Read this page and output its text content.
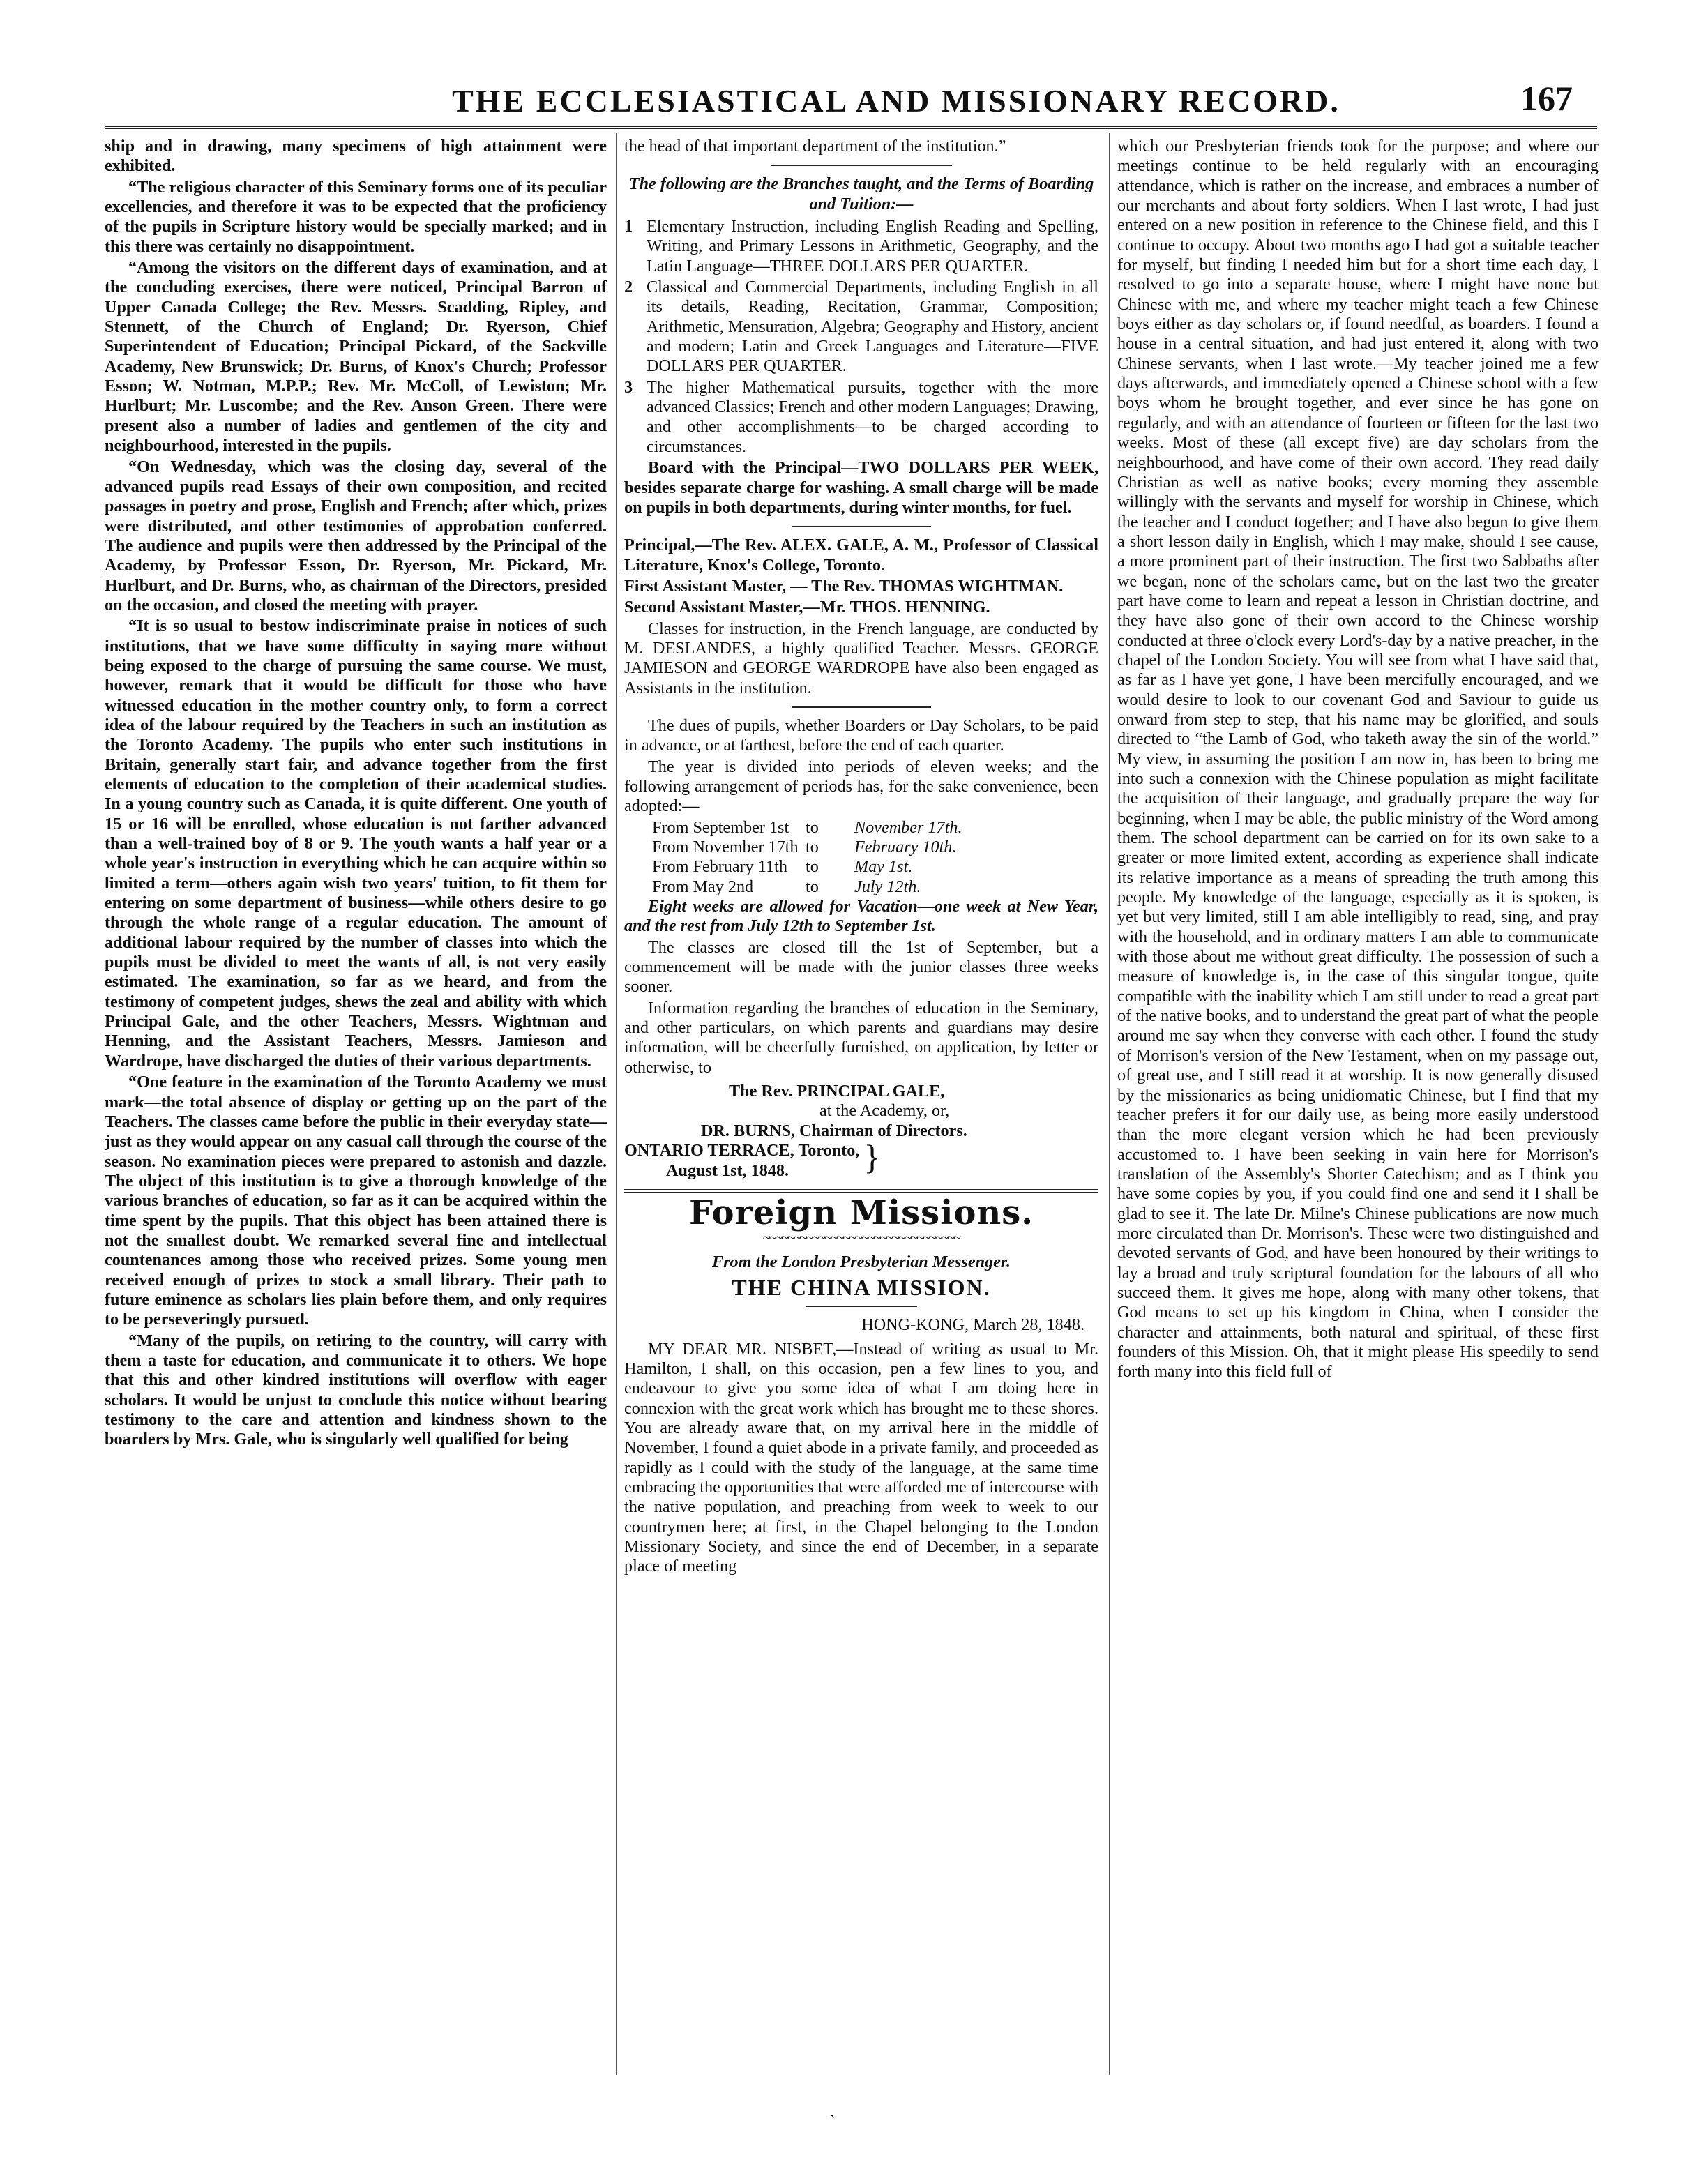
THE ECCLESIASTICAL AND MISSIONARY RECORD.	167

ship and in drawing, many specimens of high attainment were exhibited.

“The religious character of this Seminary forms one of its peculiar excellencies, and therefore it was to be expected that the proficiency of the pupils in Scripture history would be specially marked; and in this there was certainly no disappointment.

“Among the visitors on the different days of examination, and at the concluding exercises, there were noticed, Principal Barron of Upper Canada College; the Rev. Messrs. Scadding, Ripley, and Stennett, of the Church of England; Dr. Ryerson, Chief Superintendent of Education; Principal Pickard, of the Sackville Academy, New Brunswick; Dr. Burns, of Knox's Church; Professor Esson; W. Notman, M.P.P.; Rev. Mr. McColl, of Lewiston; Mr. Hurlburt; Mr. Luscombe; and the Rev. Anson Green. There were present also a number of ladies and gentlemen of the city and neighbourhood, interested in the pupils.

“On Wednesday, which was the closing day, several of the advanced pupils read Essays of their own composition, and recited passages in poetry and prose, English and French; after which, prizes were distributed, and other testimonies of approbation conferred. The audience and pupils were then addressed by the Principal of the Academy, by Professor Esson, Dr. Ryerson, Mr. Pickard, Mr. Hurlburt, and Dr. Burns, who, as chairman of the Directors, presided on the occasion, and closed the meeting with prayer.

“It is so usual to bestow indiscriminate praise in notices of such institutions, that we have some difficulty in saying more without being exposed to the charge of pursuing the same course. We must, however, remark that it would be difficult for those who have witnessed education in the mother country only, to form a correct idea of the labour required by the Teachers in such an institution as the Toronto Academy. The pupils who enter such institutions in Britain, generally start fair, and advance together from the first elements of education to the completion of their academical studies. In a young country such as Canada, it is quite different. One youth of 15 or 16 will be enrolled, whose education is not farther advanced than a well-trained boy of 8 or 9. The youth wants a half year or a whole year's instruction in everything which he can acquire within so limited a term—others again wish two years' tuition, to fit them for entering on some department of business—while others desire to go through the whole range of a regular education. The amount of additional labour required by the number of classes into which the pupils must be divided to meet the wants of all, is not very easily estimated. The examination, so far as we heard, and from the testimony of competent judges, shews the zeal and ability with which Principal Gale, and the other Teachers, Messrs. Wightman and Henning, and the Assistant Teachers, Messrs. Jamieson and Wardrope, have discharged the duties of their various departments.

“One feature in the examination of the Toronto Academy we must mark—the total absence of display or getting up on the part of the Teachers. The classes came before the public in their everyday state—just as they would appear on any casual call through the course of the season. No examination pieces were prepared to astonish and dazzle. The object of this institution is to give a thorough knowledge of the various branches of education, so far as it can be acquired within the time spent by the pupils. That this object has been attained there is not the smallest doubt. We remarked several fine and intellectual countenances among those who received prizes. Some young men received enough of prizes to stock a small library. Their path to future eminence as scholars lies plain before them, and only requires to be perseveringly pursued.

“Many of the pupils, on retiring to the country, will carry with them a taste for education, and communicate it to others. We hope that this and other kindred institutions will overflow with eager scholars. It would be unjust to conclude this notice without bearing testimony to the care and attention and kindness shown to the boarders by Mrs. Gale, who is singularly well qualified for being

the head of that important department of the institution.”

The following are the Branches taught, and the Terms of Boarding and Tuition:—

1 Elementary Instruction, including English Reading and Spelling, Writing, and Primary Lessons in Arithmetic, Geography, and the Latin Language—THREE DOLLARS PER QUARTER.
2 Classical and Commercial Departments, including English in all its details, Reading, Recitation, Grammar, Composition; Arithmetic, Mensuration, Algebra; Geography and History, ancient and modern; Latin and Greek Languages and Literature—FIVE DOLLARS PER QUARTER.
3 The higher Mathematical pursuits, together with the more advanced Classics; French and other modern Languages; Drawing, and other accomplishments—to be charged according to circumstances.

Board with the Principal—TWO DOLLARS PER WEEK, besides separate charge for washing. A small charge will be made on pupils in both departments, during winter months, for fuel.

Principal,—The Rev. ALEX. GALE, A. M., Professor of Classical Literature, Knox's College, Toronto.

First Assistant Master, — The Rev. THOMAS WIGHTMAN.

Second Assistant Master,—Mr. THOS. HENNING.

Classes for instruction, in the French language, are conducted by M. DESLANDES, a highly qualified Teacher. Messrs. GEORGE JAMIESON and GEORGE WARDROPE have also been engaged as Assistants in the institution.

The dues of pupils, whether Boarders or Day Scholars, to be paid in advance, or at farthest, before the end of each quarter.

The year is divided into periods of eleven weeks; and the following arrangement of periods has, for the sake convenience, been adopted:—

From September 1st to	November 17th.
From November 17th to	February 10th.
From February 11th	to	May 1st.
From May 2nd	to	July 12th.

Eight weeks are allowed for Vacation—one week at New Year, and the rest from July 12th to September 1st.

The classes are closed till the 1st of September, but a commencement will be made with the junior classes three weeks sooner.

Information regarding the branches of education in the Seminary, and other particulars, on which parents and guardians may desire information, will be cheerfully furnished, on application, by letter or otherwise, to

The Rev. PRINCIPAL GALE,
at the Academy, or,
DR. BURNS, Chairman of Directors.
ONTARIO TERRACE, Toronto,
August 1st, 1848.	}
Foreign Missions.
~~~~~~~~~~~~~~~~~~~~~~~~~~~~~~~~

From the London Presbyterian Messenger.

THE CHINA MISSION.
HONG-KONG, March 28, 1848.

MY DEAR MR. NISBET,—Instead of writing as usual to Mr. Hamilton, I shall, on this occasion, pen a few lines to you, and endeavour to give you some idea of what I am doing here in connexion with the great work which has brought me to these shores. You are already aware that, on my arrival here in the middle of November, I found a quiet abode in a private family, and proceeded as rapidly as I could with the study of the language, at the same time embracing the opportunities that were afforded me of intercourse with the native population, and preaching from week to week to our countrymen here; at first, in the Chapel belonging to the London Missionary Society, and since the end of December, in a separate place of meeting

which our Presbyterian friends took for the purpose; and where our meetings continue to be held regularly with an encouraging attendance, which is rather on the increase, and embraces a number of our merchants and about forty soldiers. When I last wrote, I had just entered on a new position in reference to the Chinese field, and this I continue to occupy. About two months ago I had got a suitable teacher for myself, but finding I needed him but for a short time each day, I resolved to go into a separate house, where I might have none but Chinese with me, and where my teacher might teach a few Chinese boys either as day scholars or, if found needful, as boarders. I found a house in a central situation, and had just entered it, along with two Chinese servants, when I last wrote.—My teacher joined me a few days afterwards, and immediately opened a Chinese school with a few boys whom he brought together, and ever since he has gone on regularly, and with an attendance of fourteen or fifteen for the last two weeks. Most of these (all except five) are day scholars from the neighbourhood, and have come of their own accord. They read daily Christian as well as native books; every morning they assemble willingly with the servants and myself for worship in Chinese, which the teacher and I conduct together; and I have also begun to give them a short lesson daily in English, which I may make, should I see cause, a more prominent part of their instruction. The first two Sabbaths after we began, none of the scholars came, but on the last two the greater part have come to learn and repeat a lesson in Christian doctrine, and they have also gone of their own accord to the Chinese worship conducted at three o'clock every Lord's-day by a native preacher, in the chapel of the London Society. You will see from what I have said that, as far as I have yet gone, I have been mercifully encouraged, and we would desire to look to our covenant God and Saviour to guide us onward from step to step, that his name may be glorified, and souls directed to “the Lamb of God, who taketh away the sin of the world.” My view, in assuming the position I am now in, has been to bring me into such a connexion with the Chinese population as might facilitate the acquisition of their language, and gradually prepare the way for beginning, when I may be able, the public ministry of the Word among them. The school department can be carried on for its own sake to a greater or more limited extent, according as experience shall indicate its relative importance as a means of spreading the truth among this people. My knowledge of the language, especially as it is spoken, is yet but very limited, still I am able intelligibly to read, sing, and pray with the household, and in ordinary matters I am able to communicate with those about me without great difficulty. The possession of such a measure of knowledge is, in the case of this singular tongue, quite compatible with the inability which I am still under to read a great part of the native books, and to understand the great part of what the people around me say when they converse with each other. I found the study of Morrison's version of the New Testament, when on my passage out, of great use, and I still read it at worship. It is now generally disused by the missionaries as being unidiomatic Chinese, but I find that my teacher prefers it for our daily use, as being more easily understood than the more elegant version which he had been previously accustomed to. I have been seeking in vain here for Morrison's translation of the Assembly's Shorter Catechism; and as I think you have some copies by you, if you could find one and send it I shall be glad to see it. The late Dr. Milne's Chinese publications are now much more circulated than Dr. Morrison's. These were two distinguished and devoted servants of God, and have been honoured by their writings to lay a broad and truly scriptural foundation for the labours of all who succeed them. It gives me hope, along with many other tokens, that God means to set up his kingdom in China, when I consider the character and attainments, both natural and spiritual, of these first founders of this Mission. Oh, that it might please His speedily to send forth many into this field full of

`
